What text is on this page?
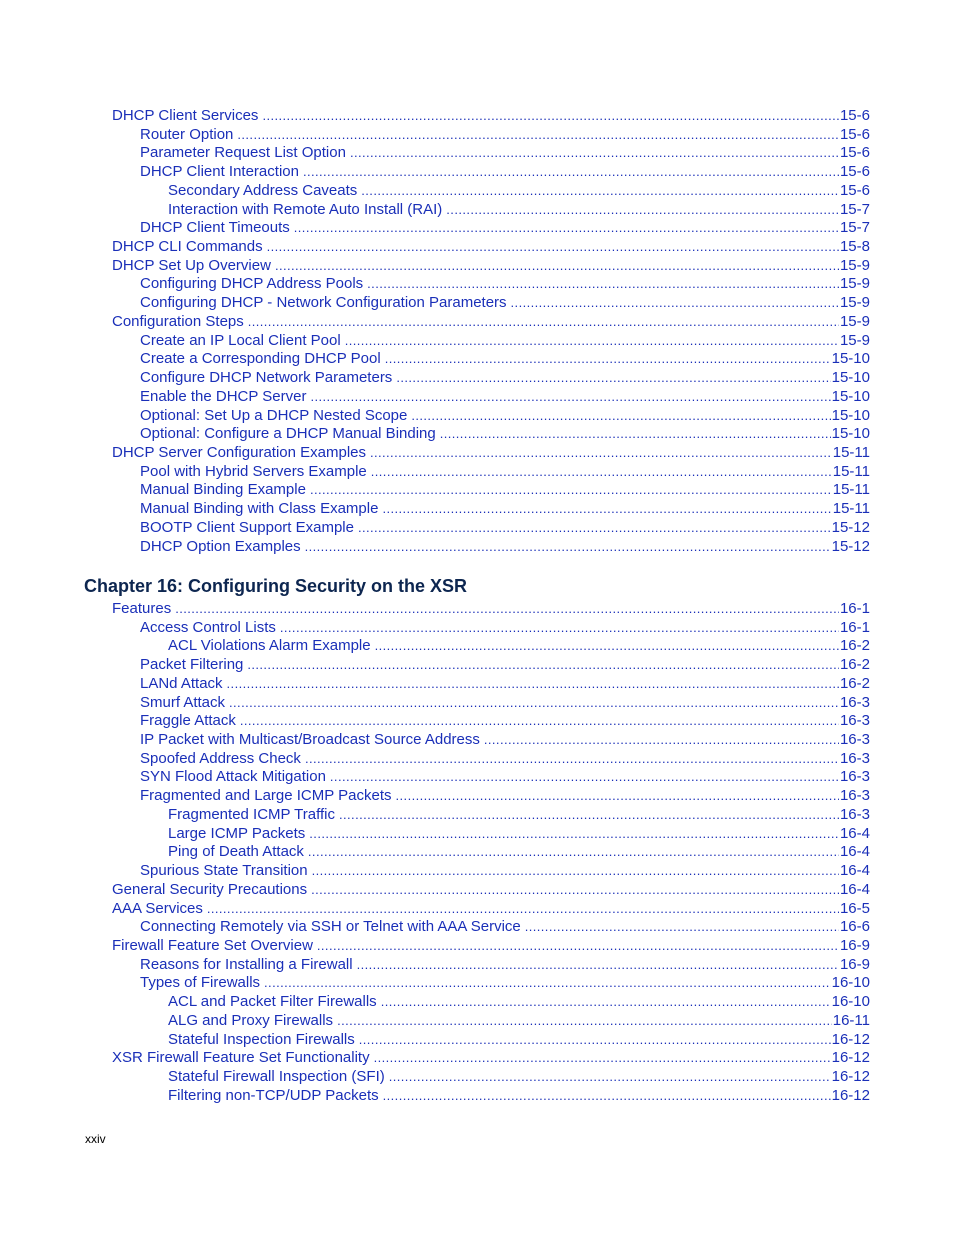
DHCP Client Services .....	15-6
Router Option .....	15-6
Parameter Request List Option .....	15-6
DHCP Client Interaction .....	15-6
Secondary Address Caveats .....	15-6
Interaction with Remote Auto Install (RAI) .....	15-7
DHCP Client Timeouts .....	15-7
DHCP CLI Commands .....	15-8
DHCP Set Up Overview .....	15-9
Configuring DHCP Address Pools .....	15-9
Configuring DHCP - Network Configuration Parameters .....	15-9
Configuration Steps .....	15-9
Create an IP Local Client Pool .....	15-9
Create a Corresponding DHCP Pool .....	15-10
Configure DHCP Network Parameters .....	15-10
Enable the DHCP Server .....	15-10
Optional: Set Up a DHCP Nested Scope .....	15-10
Optional: Configure a DHCP Manual Binding .....	15-10
DHCP Server Configuration Examples .....	15-11
Pool with Hybrid Servers Example .....	15-11
Manual Binding Example .....	15-11
Manual Binding with Class Example .....	15-11
BOOTP Client Support Example .....	15-12
DHCP Option Examples .....	15-12
Chapter 16: Configuring Security on the XSR
Features .....	16-1
Access Control Lists .....	16-1
ACL Violations Alarm Example .....	16-2
Packet Filtering .....	16-2
LANd Attack .....	16-2
Smurf Attack .....	16-3
Fraggle Attack .....	16-3
IP Packet with Multicast/Broadcast Source Address .....	16-3
Spoofed Address Check .....	16-3
SYN Flood Attack Mitigation .....	16-3
Fragmented and Large ICMP Packets .....	16-3
Fragmented ICMP Traffic .....	16-3
Large ICMP Packets .....	16-4
Ping of Death Attack .....	16-4
Spurious State Transition .....	16-4
General Security Precautions .....	16-4
AAA Services .....	16-5
Connecting Remotely via SSH or Telnet with AAA Service .....	16-6
Firewall Feature Set Overview .....	16-9
Reasons for Installing a Firewall .....	16-9
Types of Firewalls .....	16-10
ACL and Packet Filter Firewalls .....	16-10
ALG and Proxy Firewalls .....	16-11
Stateful Inspection Firewalls .....	16-12
XSR Firewall Feature Set Functionality .....	16-12
Stateful Firewall Inspection (SFI) .....	16-12
Filtering non-TCP/UDP Packets .....	16-12
xxiv
